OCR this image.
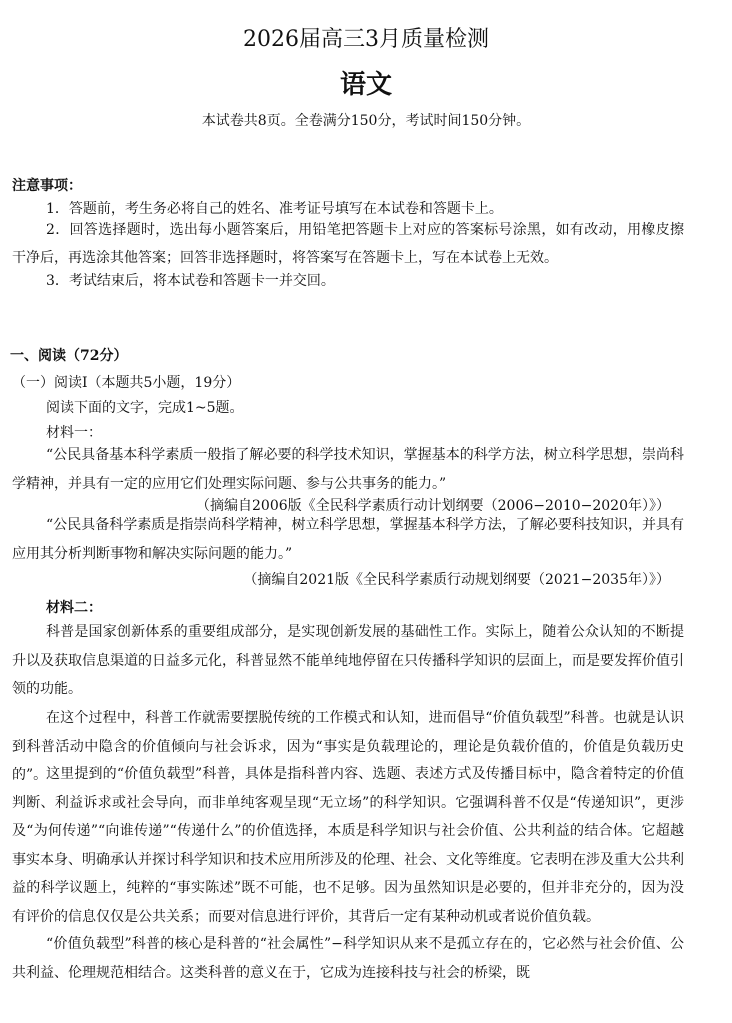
2026届高三3月质量检测
语文
本试卷共8页。全卷满分150分，考试时间150分钟。
注意事项：
1．答题前，考生务必将自己的姓名、准考证号填写在本试卷和答题卡上。
2．回答选择题时，选出每小题答案后，用铅笔把答题卡上对应的答案标号涂黑，如有改动，用橡皮擦干净后，再选涂其他答案；回答非选择题时，将答案写在答题卡上，写在本试卷上无效。
3．考试结束后，将本试卷和答题卡一并交回。
一、阅读（72分）
（一）阅读I（本题共5小题，19分）
阅读下面的文字，完成1~5题。
材料一：
“公民具备基本科学素质一般指了解必要的科学技术知识，掌握基本的科学方法，树立科学思想，崇尚科学精神，并具有一定的应用它们处理实际问题、参与公共事务的能力。”
（摘编自2006版《全民科学素质行动计划纲要（2006−2010−2020年）》）
“公民具备科学素质是指崇尚科学精神，树立科学思想，掌握基本科学方法，了解必要科技知识，并具有应用其分析判断事物和解决实际问题的能力。”
（摘编自2021版《全民科学素质行动规划纲要（2021−2035年）》）
材料二：
科普是国家创新体系的重要组成部分，是实现创新发展的基础性工作。实际上，随着公众认知的不断提升以及获取信息渠道的日益多元化，科普显然不能单纯地停留在只传播科学知识的层面上，而是要发挥价值引领的功能。
在这个过程中，科普工作就需要摆脱传统的工作模式和认知，进而倡导“价值负载型”科普。也就是认识到科普活动中隐含的价值倾向与社会诉求，因为“事实是负载理论的，理论是负载价值的，价值是负载历史的”。
这里提到的“价值负载型”科普，具体是指科普内容、选题、表述方式及传播目标中，隐含着特定的价值判断、利益诉求或社会导向，而非单纯客观呈现“无立场”的科学知识。它强调科普不仅是“传递知识”，更涉及“为何传递”“向谁传递”“传递什么”的价值选择，本质是科学知识与社会价值、公共利益的结合体。它超越事实本身、明确承认并探讨科学知识和技术应用所涉及的伦理、社会、文化等维度。它表明在涉及重大公共利益的科学议题上，纯粹的“事实陈述”既不可能，也不足够。因为虽然知识是必要的，但并非充分的，因为没有评价的信息仅仅是公共关系；而要对信息进行评价，其背后一定有某种动机或者说价值负载。
“价值负载型”科普的核心是科普的“社会属性”−科学知识从来不是孤立存在的，它必然与社会价值、公共利益、伦理规范相结合。这类科普的意义在于，它成为连接科技与社会的桥梁，既
